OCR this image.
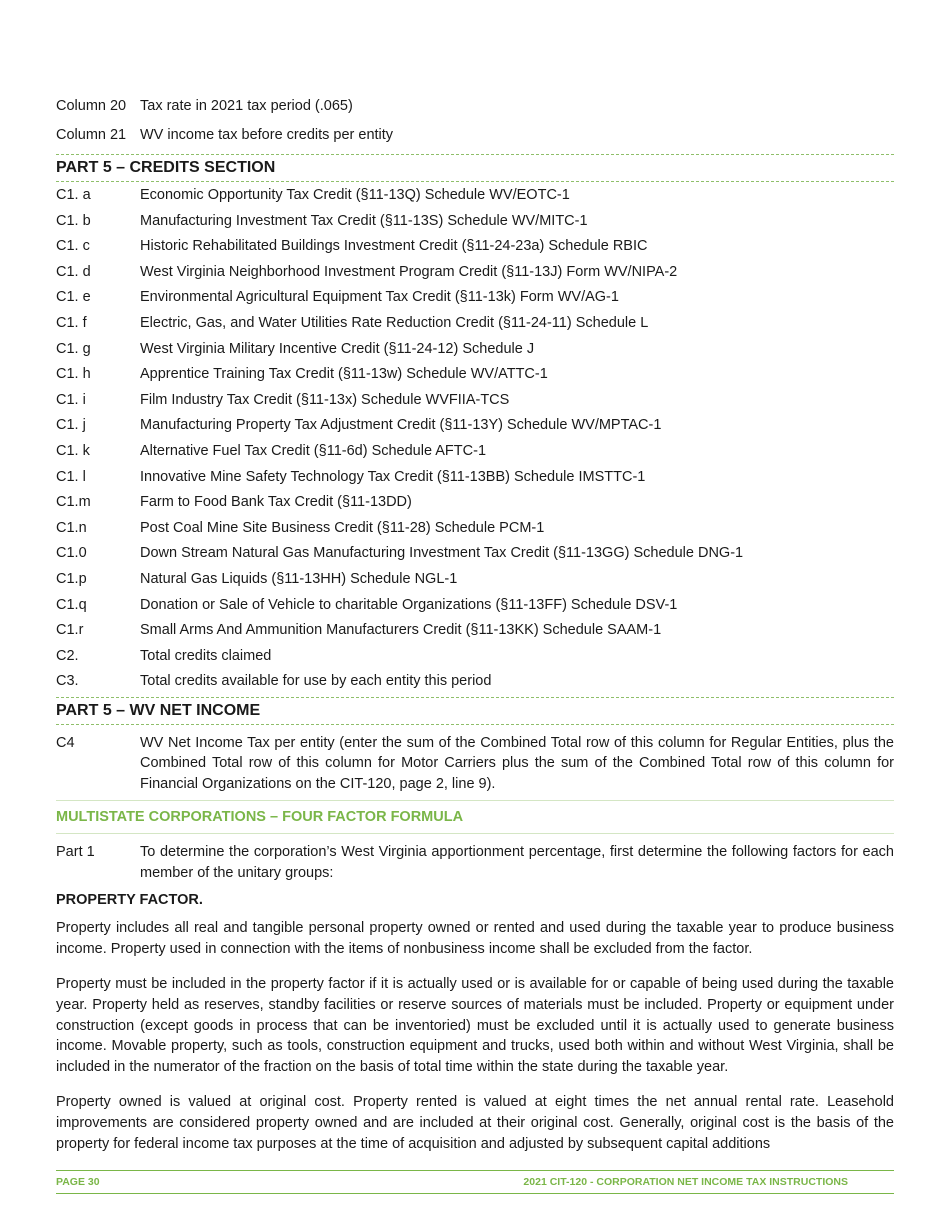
Column 20 Tax rate in 2021 tax period (.065)
Column 21 WV income tax before credits per entity
PART 5 – CREDITS SECTION
C1. a	Economic Opportunity Tax Credit (§11-13Q) Schedule WV/EOTC-1
C1. b	Manufacturing Investment Tax Credit (§11-13S) Schedule WV/MITC-1
C1. c	Historic Rehabilitated Buildings Investment Credit (§11-24-23a) Schedule RBIC
C1. d	West Virginia Neighborhood Investment Program Credit (§11-13J) Form WV/NIPA-2
C1. e	Environmental Agricultural Equipment Tax Credit (§11-13k) Form WV/AG-1
C1. f	Electric, Gas, and Water Utilities Rate Reduction Credit (§11-24-11) Schedule L
C1. g	West Virginia Military Incentive Credit (§11-24-12) Schedule J
C1. h	Apprentice Training Tax Credit (§11-13w) Schedule WV/ATTC-1
C1. i	Film Industry Tax Credit (§11-13x) Schedule WVFIIA-TCS
C1. j	Manufacturing Property Tax Adjustment Credit (§11-13Y) Schedule WV/MPTAC-1
C1. k	Alternative Fuel Tax Credit (§11-6d) Schedule AFTC-1
C1. l	Innovative Mine Safety Technology Tax Credit (§11-13BB) Schedule IMSTTC-1
C1.m	Farm to Food Bank Tax Credit (§11-13DD)
C1.n	Post Coal Mine Site Business Credit (§11-28) Schedule PCM-1
C1.0	Down Stream Natural Gas Manufacturing Investment Tax Credit (§11-13GG) Schedule DNG-1
C1.p	Natural Gas Liquids (§11-13HH) Schedule NGL-1
C1.q	Donation or Sale of Vehicle to charitable Organizations (§11-13FF) Schedule DSV-1
C1.r	Small Arms And Ammunition Manufacturers Credit (§11-13KK) Schedule SAAM-1
C2.	Total credits claimed
C3.	Total credits available for use by each entity this period
PART 5 – WV NET INCOME
C4	WV Net Income Tax per entity (enter the sum of the Combined Total row of this column for Regular Entities, plus the Combined Total row of this column for Motor Carriers plus the sum of the Combined Total row of this column for Financial Organizations on the CIT-120, page 2, line 9).
MULTISTATE CORPORATIONS – FOUR FACTOR FORMULA
Part 1	To determine the corporation’s West Virginia apportionment percentage, first determine the following factors for each member of the unitary groups:
PROPERTY FACTOR.

Property includes all real and tangible personal property owned or rented and used during the taxable year to produce business income. Property used in connection with the items of nonbusiness income shall be excluded from the factor.

Property must be included in the property factor if it is actually used or is available for or capable of being used during the taxable year. Property held as reserves, standby facilities or reserve sources of materials must be included. Property or equipment under construction (except goods in process that can be inventoried) must be excluded until it is actually used to generate business income. Movable property, such as tools, construction equipment and trucks, used both within and without West Virginia, shall be included in the numerator of the fraction on the basis of total time within the state during the taxable year.

Property owned is valued at original cost. Property rented is valued at eight times the net annual rental rate. Leasehold improvements are considered property owned and are included at their original cost. Generally, original cost is the basis of the property for federal income tax purposes at the time of acquisition and adjusted by subsequent capital additions

PAGE 30	2021 CIT-120 - CORPORATION NET INCOME TAX INSTRUCTIONS
